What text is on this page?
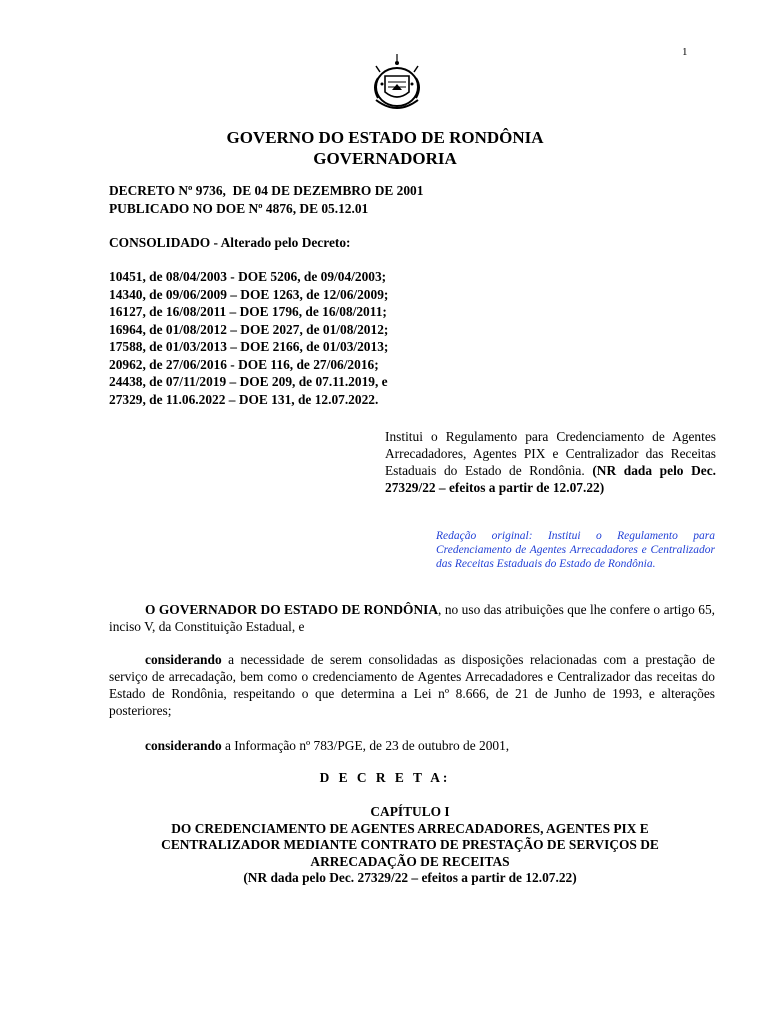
1
GOVERNO DO ESTADO DE RONDÔNIA
GOVERNADORIA
DECRETO Nº 9736,  DE 04 DE DEZEMBRO DE 2001
PUBLICADO NO DOE Nº 4876, DE 05.12.01
CONSOLIDADO - Alterado pelo Decreto:
10451, de 08/04/2003 - DOE 5206, de 09/04/2003;
14340, de 09/06/2009 – DOE 1263, de 12/06/2009;
16127, de 16/08/2011 – DOE 1796, de 16/08/2011;
16964, de 01/08/2012 – DOE 2027, de 01/08/2012;
17588, de 01/03/2013 – DOE 2166, de 01/03/2013;
20962, de 27/06/2016 - DOE 116, de 27/06/2016;
24438, de 07/11/2019 – DOE 209, de 07.11.2019, e
27329, de 11.06.2022 – DOE 131, de 12.07.2022.
Institui o Regulamento para Credenciamento de Agentes Arrecadadores, Agentes PIX e Centralizador das Receitas Estaduais do Estado de Rondônia. (NR dada pelo Dec. 27329/22 – efeitos a partir de 12.07.22)
Redação original: Institui o Regulamento para Credenciamento de Agentes Arrecadadores e Centralizador das Receitas Estaduais do Estado de Rondônia.
O GOVERNADOR DO ESTADO DE RONDÔNIA, no uso das atribuições que lhe confere o artigo 65, inciso V, da Constituição Estadual, e
considerando a necessidade de serem consolidadas as disposições relacionadas com a prestação de serviço de arrecadação, bem como o credenciamento de Agentes Arrecadadores e Centralizador das receitas do Estado de Rondônia, respeitando o que determina a Lei nº 8.666, de 21 de Junho de 1993, e alterações posteriores;
considerando a Informação nº 783/PGE, de 23 de outubro de 2001,
D E C R E T A:
CAPÍTULO I
DO CREDENCIAMENTO DE AGENTES ARRECADADORES, AGENTES PIX E
CENTRALIZADOR MEDIANTE CONTRATO DE PRESTAÇÃO DE SERVIÇOS DE
ARRECADAÇÃO DE RECEITAS
(NR dada pelo Dec. 27329/22 – efeitos a partir de 12.07.22)
